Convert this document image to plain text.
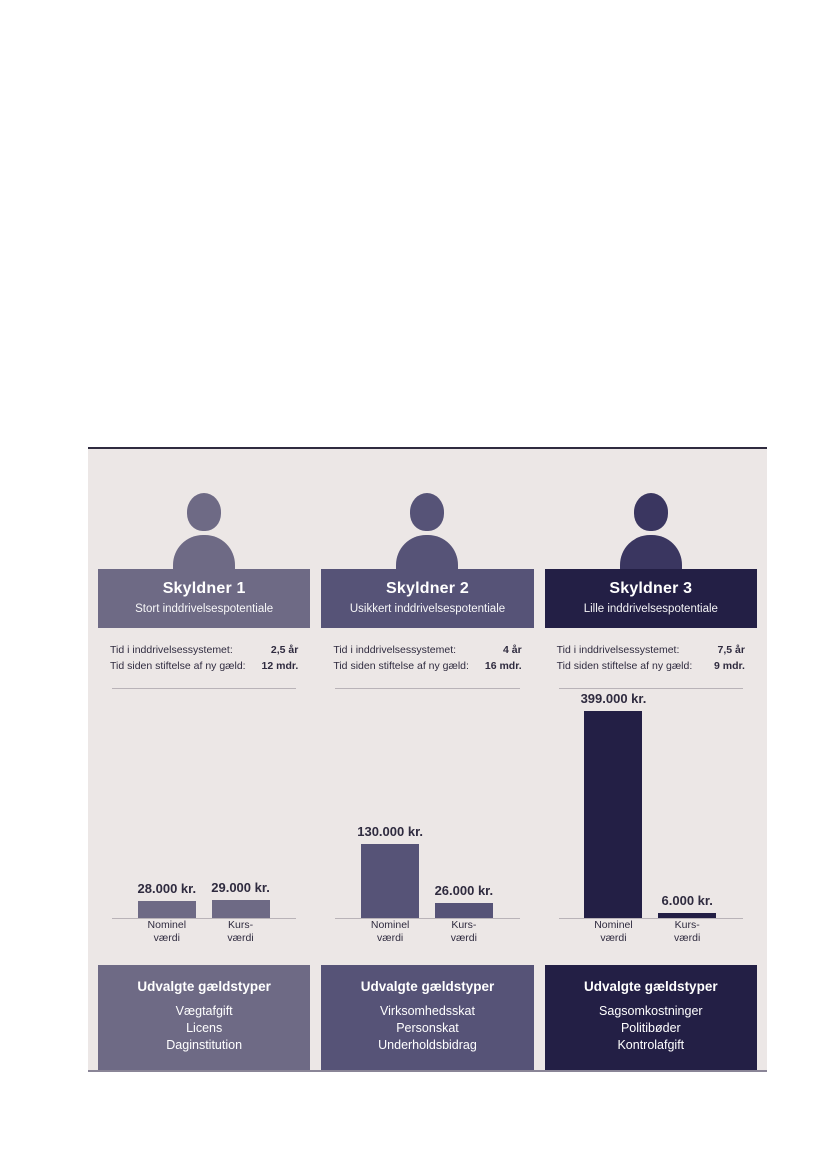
Skyldner 1
Stort inddrivelsespotentiale
Tid i inddrivelsessystemet:	2,5 år
Tid siden stiftelse af ny gæld: 12 mdr.
28.000 kr.	29.000 kr.
Nominel
værdi
Kurs-
værdi
Udvalgte gældstyper
Vægtafgift
Licens
Daginstitution
Skyldner 2
Usikkert inddrivelsespotentiale
Tid i inddrivelsessystemet:	4 år
Tid siden stiftelse af ny gæld: 16 mdr.
130.000 kr.
26.000 kr.
Nominel
værdi
Kurs-
værdi
Udvalgte gældstyper
Virksomhedsskat
Personskat
Underholdsbidrag
Skyldner 3
Lille inddrivelsespotentiale
Tid i inddrivelsessystemet:	7,5 år
Tid siden stiftelse af ny gæld: 9 mdr.
399.000 kr.
6.000 kr.
Nominel
værdi
Kurs-
værdi
Udvalgte gældstyper
Sagsomkostninger
Politibøder
Kontrolafgift
